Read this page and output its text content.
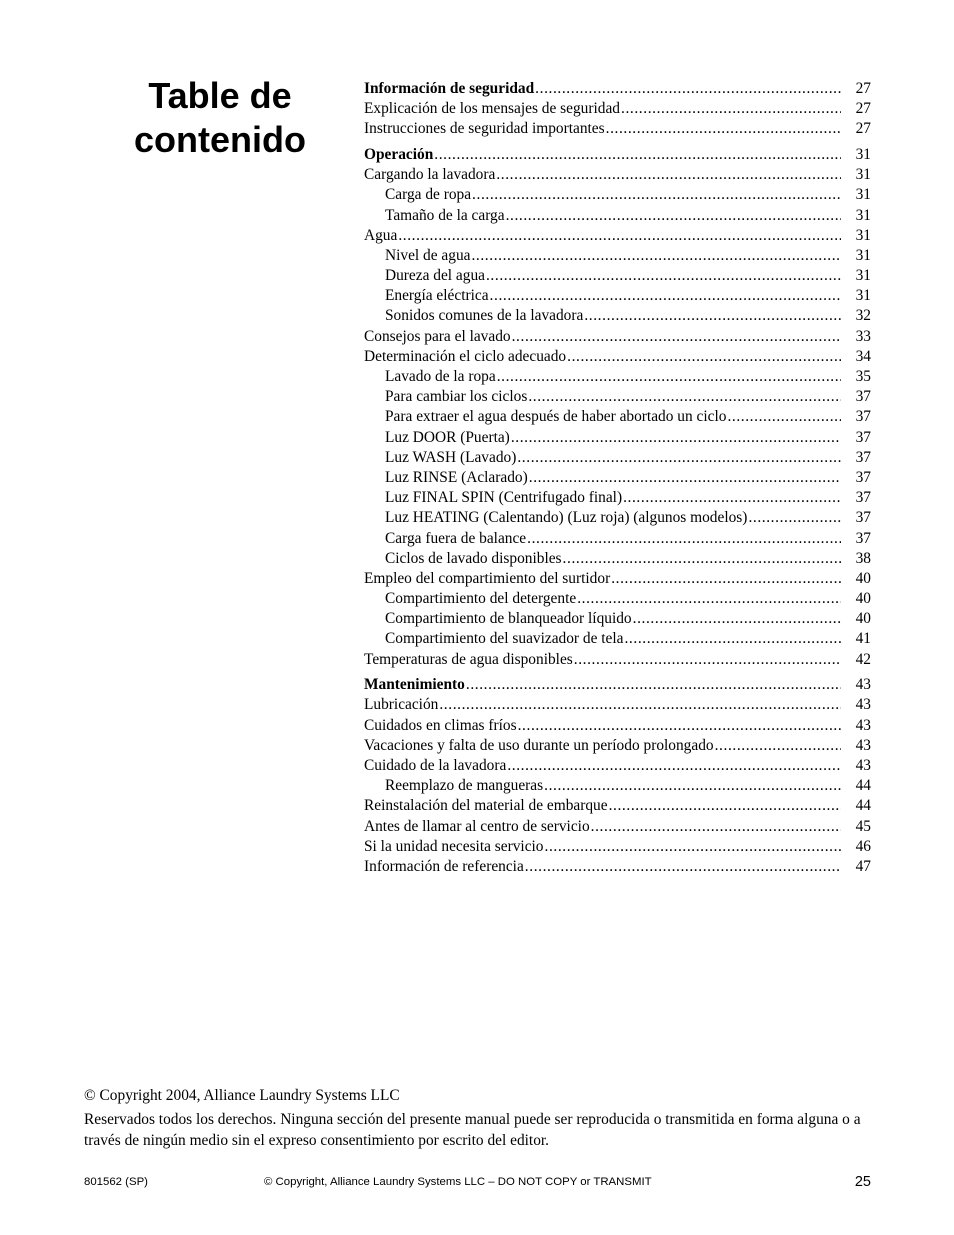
Table de
contenido
Información de seguridad .....	27
Explicación de los mensajes de seguridad .....	27
Instrucciones de seguridad importantes .....	27
Operación .....	31
Cargando la lavadora .....	31
Carga de ropa .....	31
Tamaño de la carga .....	31
Agua .....	31
Nivel de agua .....	31
Dureza del agua .....	31
Energía eléctrica .....	31
Sonidos comunes de la lavadora .....	32
Consejos para el lavado .....	33
Determinación el ciclo adecuado .....	34
Lavado de la ropa .....	35
Para cambiar los ciclos .....	37
Para extraer el agua después de haber abortado un ciclo .....	37
Luz DOOR (Puerta) .....	37
Luz WASH (Lavado) .....	37
Luz RINSE (Aclarado) .....	37
Luz FINAL SPIN (Centrifugado final) .....	37
Luz HEATING (Calentando) (Luz roja) (algunos modelos) .....	37
Carga fuera de balance .....	37
Ciclos de lavado disponibles .....	38
Empleo del compartimiento del surtidor .....	40
Compartimiento del detergente .....	40
Compartimiento de blanqueador líquido .....	40
Compartimiento del suavizador de tela .....	41
Temperaturas de agua disponibles .....	42
Mantenimiento .....	43
Lubricación .....	43
Cuidados en climas fríos .....	43
Vacaciones y falta de uso durante un período prolongado .....	43
Cuidado de la lavadora .....	43
Reemplazo de mangueras .....	44
Reinstalación del material de embarque .....	44
Antes de llamar al centro de servicio .....	45
Si la unidad necesita servicio .....	46
Información de referencia .....	47

© Copyright 2004, Alliance Laundry Systems LLC

Reservados todos los derechos. Ninguna sección del presente manual puede ser reproducida o transmitida en forma alguna o a través de ningún medio sin el expreso consentimiento por escrito del editor.

801562 (SP)	© Copyright, Alliance Laundry Systems LLC – DO NOT COPY or TRANSMIT	25
